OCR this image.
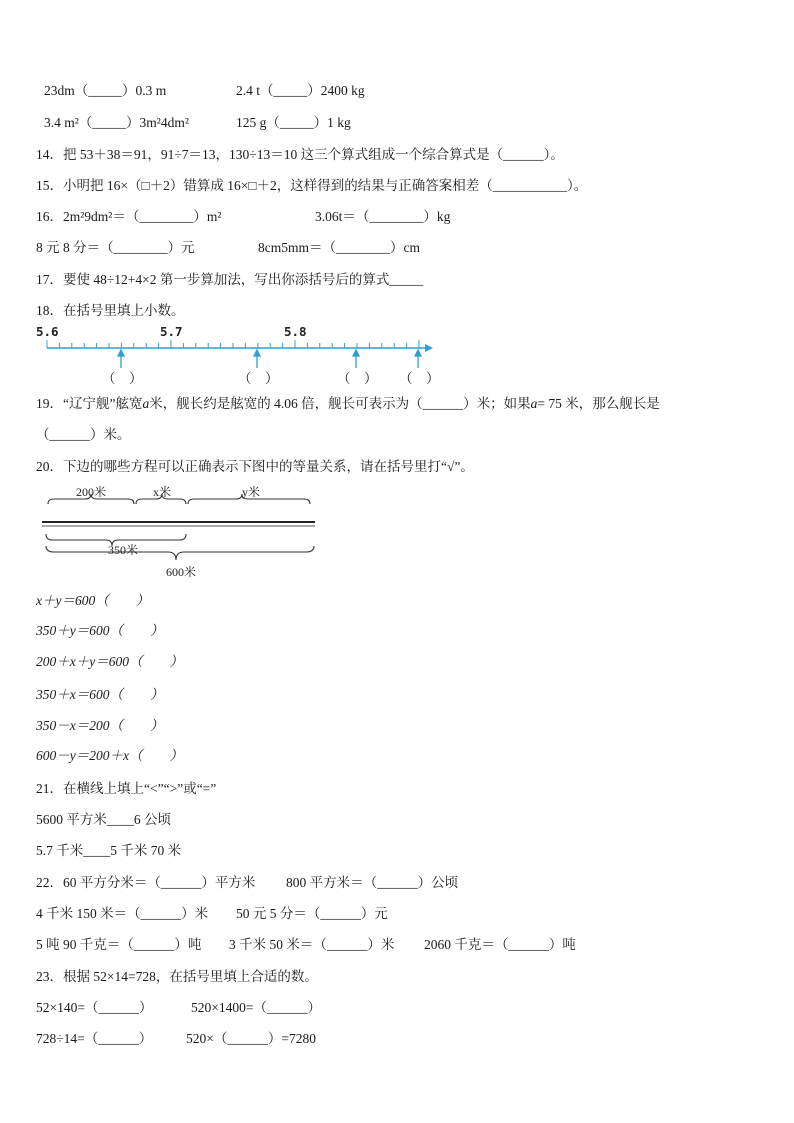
23dm（_____）0.3 m	2.4 t（_____）2400 kg
3.4 m²（_____）3m²4dm²	125 g（_____）1 kg
14．把 53＋38＝91，91÷7＝13，130÷13＝10 这三个算式组成一个综合算式是（______）。
15．小明把 16×（□＋2）错算成 16×□＋2，这样得到的结果与正确答案相差（___________）。
16．2m²9dm²＝（________）m²	3.06t＝（________）kg
8 元 8 分＝（________）元	8cm5mm＝（________）cm
17．要使 48÷12+4×2 第一步算加法，写出你添括号后的算式_____
18．在括号里填上小数。
5.6	5.7	5.8
（　）	（　）	（　） （　）
19．“辽宁舰”舷宽a米，舰长约是舷宽的 4.06 倍，舰长可表示为（______）米；如果a= 75 米，那么舰长是
（______）米。
20．下边的哪些方程可以正确表示下图中的等量关系，请在括号里打“√”。
200米	x米	y米
350米
600米
x＋y＝600（　　）
350＋y＝600（　　）
200＋x＋y＝600（　　）
350＋x＝600（　　）
350－x＝200（　　）
600－y＝200＋x（　　）
21．在横线上填上“<”“>”或“=”
5600 平方米____6 公顷
5.7 千米____5 千米 70 米
22．60 平方分米＝（______）平方米 800 平方米＝（______）公顷
4 千米 150 米＝（______）米 50 元 5 分＝（______）元
5 吨 90 千克＝（______）吨 3 千米 50 米＝（______）米 2060 千克＝（______）吨
23．根据 52×14=728，在括号里填上合适的数。
52×140=（______）	520×1400=（______）
728÷14=（______） 520×（______）=7280
